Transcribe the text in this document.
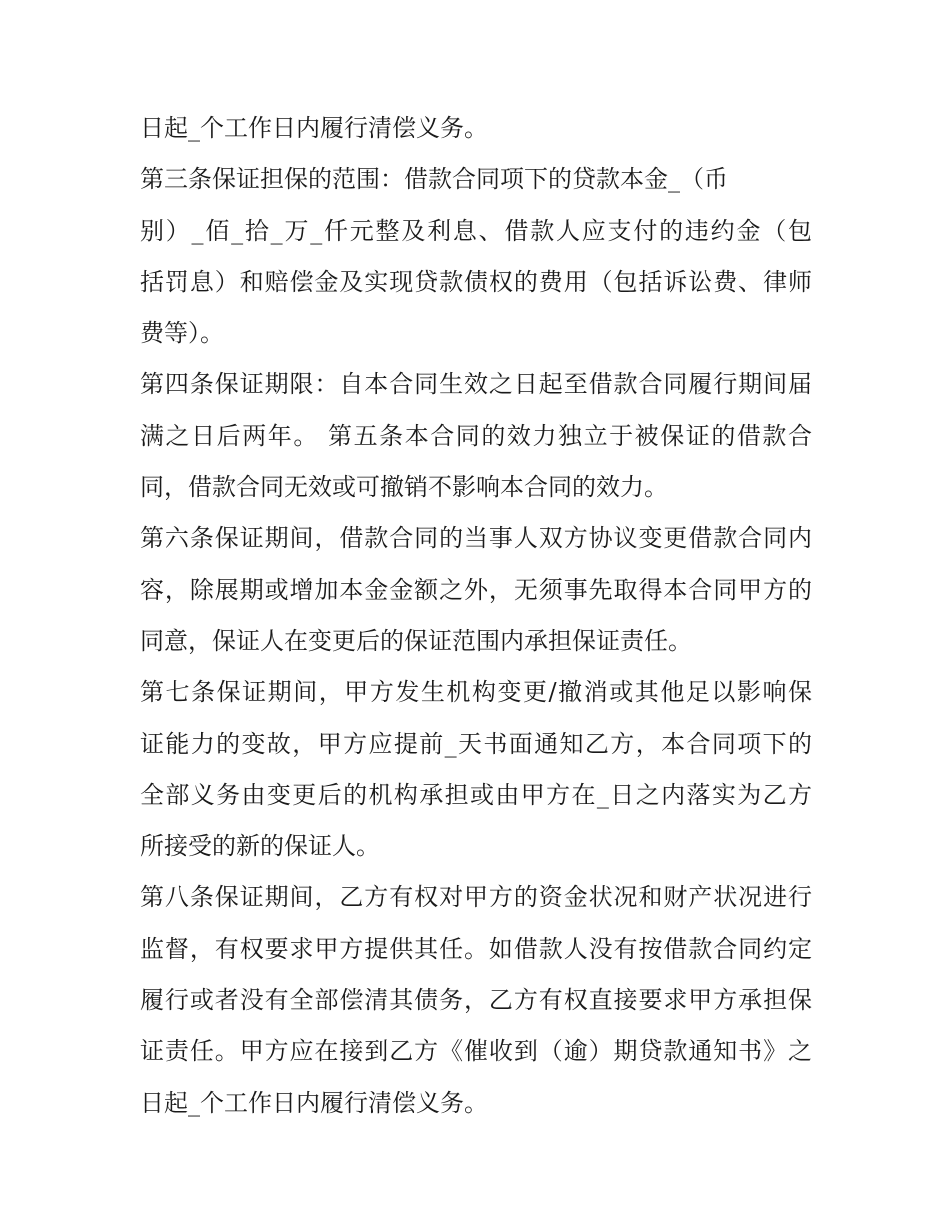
日起_个工作日内履行清偿义务。
第三条保证担保的范围：借款合同项下的贷款本金_（币
别）_佰_拾_万_仟元整及利息、借款人应支付的违约金（包
括罚息）和赔偿金及实现贷款债权的费用（包括诉讼费、律师
费等）。
第四条保证期限：自本合同生效之日起至借款合同履行期间届
满之日后两年。 第五条本合同的效力独立于被保证的借款合
同，借款合同无效或可撤销不影响本合同的效力。
第六条保证期间，借款合同的当事人双方协议变更借款合同内
容，除展期或增加本金金额之外，无须事先取得本合同甲方的
同意，保证人在变更后的保证范围内承担保证责任。
第七条保证期间，甲方发生机构变更/撤消或其他足以影响保
证能力的变故，甲方应提前_天书面通知乙方，本合同项下的
全部义务由变更后的机构承担或由甲方在_日之内落实为乙方
所接受的新的保证人。
第八条保证期间，乙方有权对甲方的资金状况和财产状况进行
监督，有权要求甲方提供其任。如借款人没有按借款合同约定
履行或者没有全部偿清其债务，乙方有权直接要求甲方承担保
证责任。甲方应在接到乙方《催收到（逾）期贷款通知书》之
日起_个工作日内履行清偿义务。
